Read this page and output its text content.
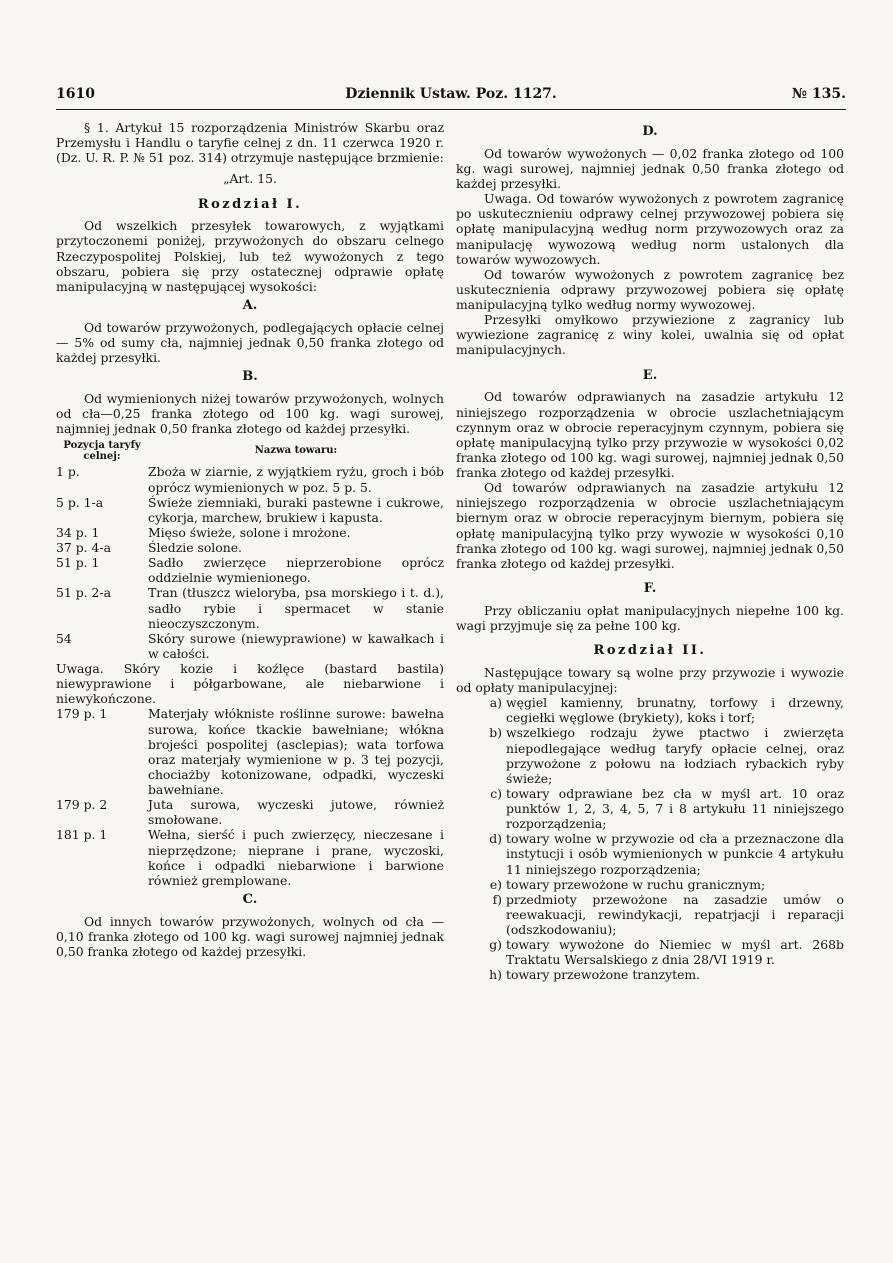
Dziennik Ustaw. Poz. 1127.
1610	№ 135.

§ 1. Artykuł 15 rozporządzenia Ministrów Skarbu oraz Przemysłu i Handlu o taryfie celnej z dn. 11 czerwca 1920 r. (Dz. U. R. P. № 51 poz. 314) otrzymuje następujące brzmienie:

„Art. 15.

Rozdział I.

Od wszelkich przesyłek towarowych, z wyjątkami przytoczonemi poniżej, przywożonych do obszaru celnego Rzeczypospolitej Polskiej, lub też wywożonych z tego obszaru, pobiera się przy ostatecznej odprawie opłatę manipulacyjną w następującej wysokości:

A.

Od towarów przywożonych, podlegających opłacie celnej — 5% od sumy cła, najmniej jednak 0,50 franka złotego od każdej przesyłki.

B.

Od wymienionych niżej towarów przywożonych, wolnych od cła—0,25 franka złotego od 100 kg. wagi surowej, najmniej jednak 0,50 franka złotego od każdej przesyłki.

Pozycja taryfy celnej:
Nazwa towaru:
1 p.	Zboża w ziarnie, z wyjątkiem ryżu, groch i bób oprócz wymienionych w poz. 5 p. 5.
5 p. 1-a	Świeże ziemniaki, buraki pastewne i cukrowe, cykorja, marchew, brukiew i kapusta.
34 p. 1	Mięso świeże, solone i mrożone.
37 p. 4-a	Śledzie solone.
51 p. 1	Sadło zwierzęce nieprzerobione oprócz oddzielnie wymienionego.
51 p. 2-a	Tran (tłuszcz wieloryba, psa morskiego i t. d.), sadło rybie i spermacet w stanie nieoczyszczonym.
54	Skóry surowe (niewyprawione) w kawałkach i w całości.

Uwaga. Skóry kozie i koźlęce (bastard bastila) niewyprawione i półgarbowane, ale niebarwione i niewykończone.

179 p. 1	Materjały włókniste roślinne surowe: bawełna surowa, końce tkackie bawełniane; włókna brojeści pospolitej (asclepias); wata torfowa oraz materjały wymienione w p. 3 tej pozycji, chociażby kotonizowane, odpadki, wyczeski bawełniane.
179 p. 2	Juta surowa, wyczeski jutowe, również smołowane.
181 p. 1	Wełna, sierść i puch zwierzęcy, nieczesane i nieprzędzone; nieprane i prane, wyczoski, końce i odpadki niebarwione i barwione również gremplowane.

C.

Od innych towarów przywożonych, wolnych od cła — 0,10 franka złotego od 100 kg. wagi surowej najmniej jednak 0,50 franka złotego od każdej przesyłki.

D.

Od towarów wywożonych — 0,02 franka złotego od 100 kg. wagi surowej, najmniej jednak 0,50 franka złotego od każdej przesyłki.

Uwaga. Od towarów wywożonych z powrotem zagranicę po uskutecznieniu odprawy celnej przywozowej pobiera się opłatę manipulacyjną według norm przywozowych oraz za manipulację wywozową według norm ustalonych dla towarów wywozowych.

Od towarów wywożonych z powrotem zagranicę bez uskutecznienia odprawy przywozowej pobiera się opłatę manipulacyjną tylko według normy wywozowej.

Przesyłki omyłkowo przywiezione z zagranicy lub wywiezione zagranicę z winy kolei, uwalnia się od opłat manipulacyjnych.

E.

Od towarów odprawianych na zasadzie artykułu 12 niniejszego rozporządzenia w obrocie uszlachetniającym czynnym oraz w obrocie reperacyjnym czynnym, pobiera się opłatę manipulacyjną tylko przy przywozie w wysokości 0,02 franka złotego od 100 kg. wagi surowej, najmniej jednak 0,50 franka złotego od każdej przesyłki.

Od towarów odprawianych na zasadzie artykułu 12 niniejszego rozporządzenia w obrocie uszlachetniającym biernym oraz w obrocie reperacyjnym biernym, pobiera się opłatę manipulacyjną tylko przy wywozie w wysokości 0,10 franka złotego od 100 kg. wagi surowej, najmniej jednak 0,50 franka złotego od każdej przesyłki.

F.

Przy obliczaniu opłat manipulacyjnych niepełne 100 kg. wagi przyjmuje się za pełne 100 kg.

Rozdział II.

Następujące towary są wolne przy przywozie i wywozie od opłaty manipulacyjnej:

a) węgiel kamienny, brunatny, torfowy i drzewny, cegiełki węglowe (brykiety), koks i torf;
b) wszelkiego rodzaju żywe ptactwo i zwierzęta niepodlegające według taryfy opłacie celnej, oraz przywożone z połowu na łodziach rybackich ryby świeże;
c) towary odprawiane bez cła w myśl art. 10 oraz punktów 1, 2, 3, 4, 5, 7 i 8 artykułu 11 niniejszego rozporządzenia;
d) towary wolne w przywozie od cła a przeznaczone dla instytucji i osób wymienionych w punkcie 4 artykułu 11 niniejszego rozporządzenia;
e) towary przewożone w ruchu granicznym;
f) przedmioty przewożone na zasadzie umów o reewakuacji, rewindykacji, repatrjacji i reparacji (odszkodowaniu);
g) towary wywożone do Niemiec w myśl art. 268b Traktatu Wersalskiego z dnia 28/VI 1919 r.
h) towary przewożone tranzytem.
